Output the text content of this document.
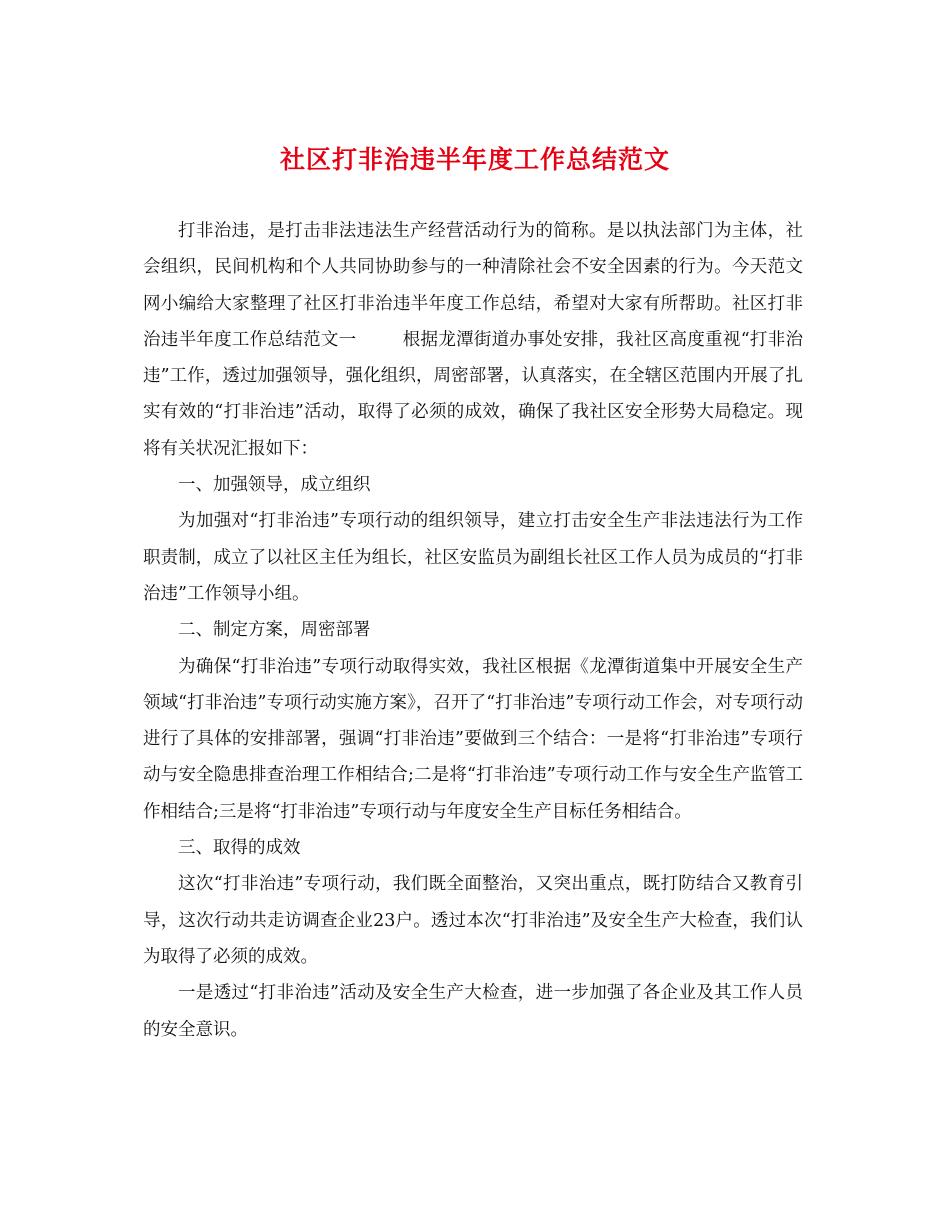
社区打非治违半年度工作总结范文

打非治违，是打击非法违法生产经营活动行为的简称。是以执法部门为主体，社会组织，民间机构和个人共同协助参与的一种清除社会不安全因素的行为。今天范文网小编给大家整理了社区打非治违半年度工作总结，希望对大家有所帮助。社区打非治违半年度工作总结范文一	根据龙潭街道办事处安排，我社区高度重视“打非治违”工作，透过加强领导，强化组织，周密部署，认真落实，在全辖区范围内开展了扎实有效的“打非治违”活动，取得了必须的成效，确保了我社区安全形势大局稳定。现将有关状况汇报如下：

一、加强领导，成立组织

为加强对“打非治违”专项行动的组织领导，建立打击安全生产非法违法行为工作职责制，成立了以社区主任为组长，社区安监员为副组长社区工作人员为成员的“打非治违”工作领导小组。

二、制定方案，周密部署

为确保“打非治违”专项行动取得实效，我社区根据《龙潭街道集中开展安全生产领域“打非治违”专项行动实施方案》，召开了“打非治违”专项行动工作会，对专项行动进行了具体的安排部署，强调“打非治违”要做到三个结合：一是将“打非治违”专项行动与安全隐患排查治理工作相结合;二是将“打非治违”专项行动工作与安全生产监管工作相结合;三是将“打非治违”专项行动与年度安全生产目标任务相结合。

三、取得的成效

这次“打非治违”专项行动，我们既全面整治，又突出重点，既打防结合又教育引导，这次行动共走访调查企业23户。透过本次“打非治违”及安全生产大检查，我们认为取得了必须的成效。

一是透过“打非治违”活动及安全生产大检查，进一步加强了各企业及其工作人员的安全意识。
